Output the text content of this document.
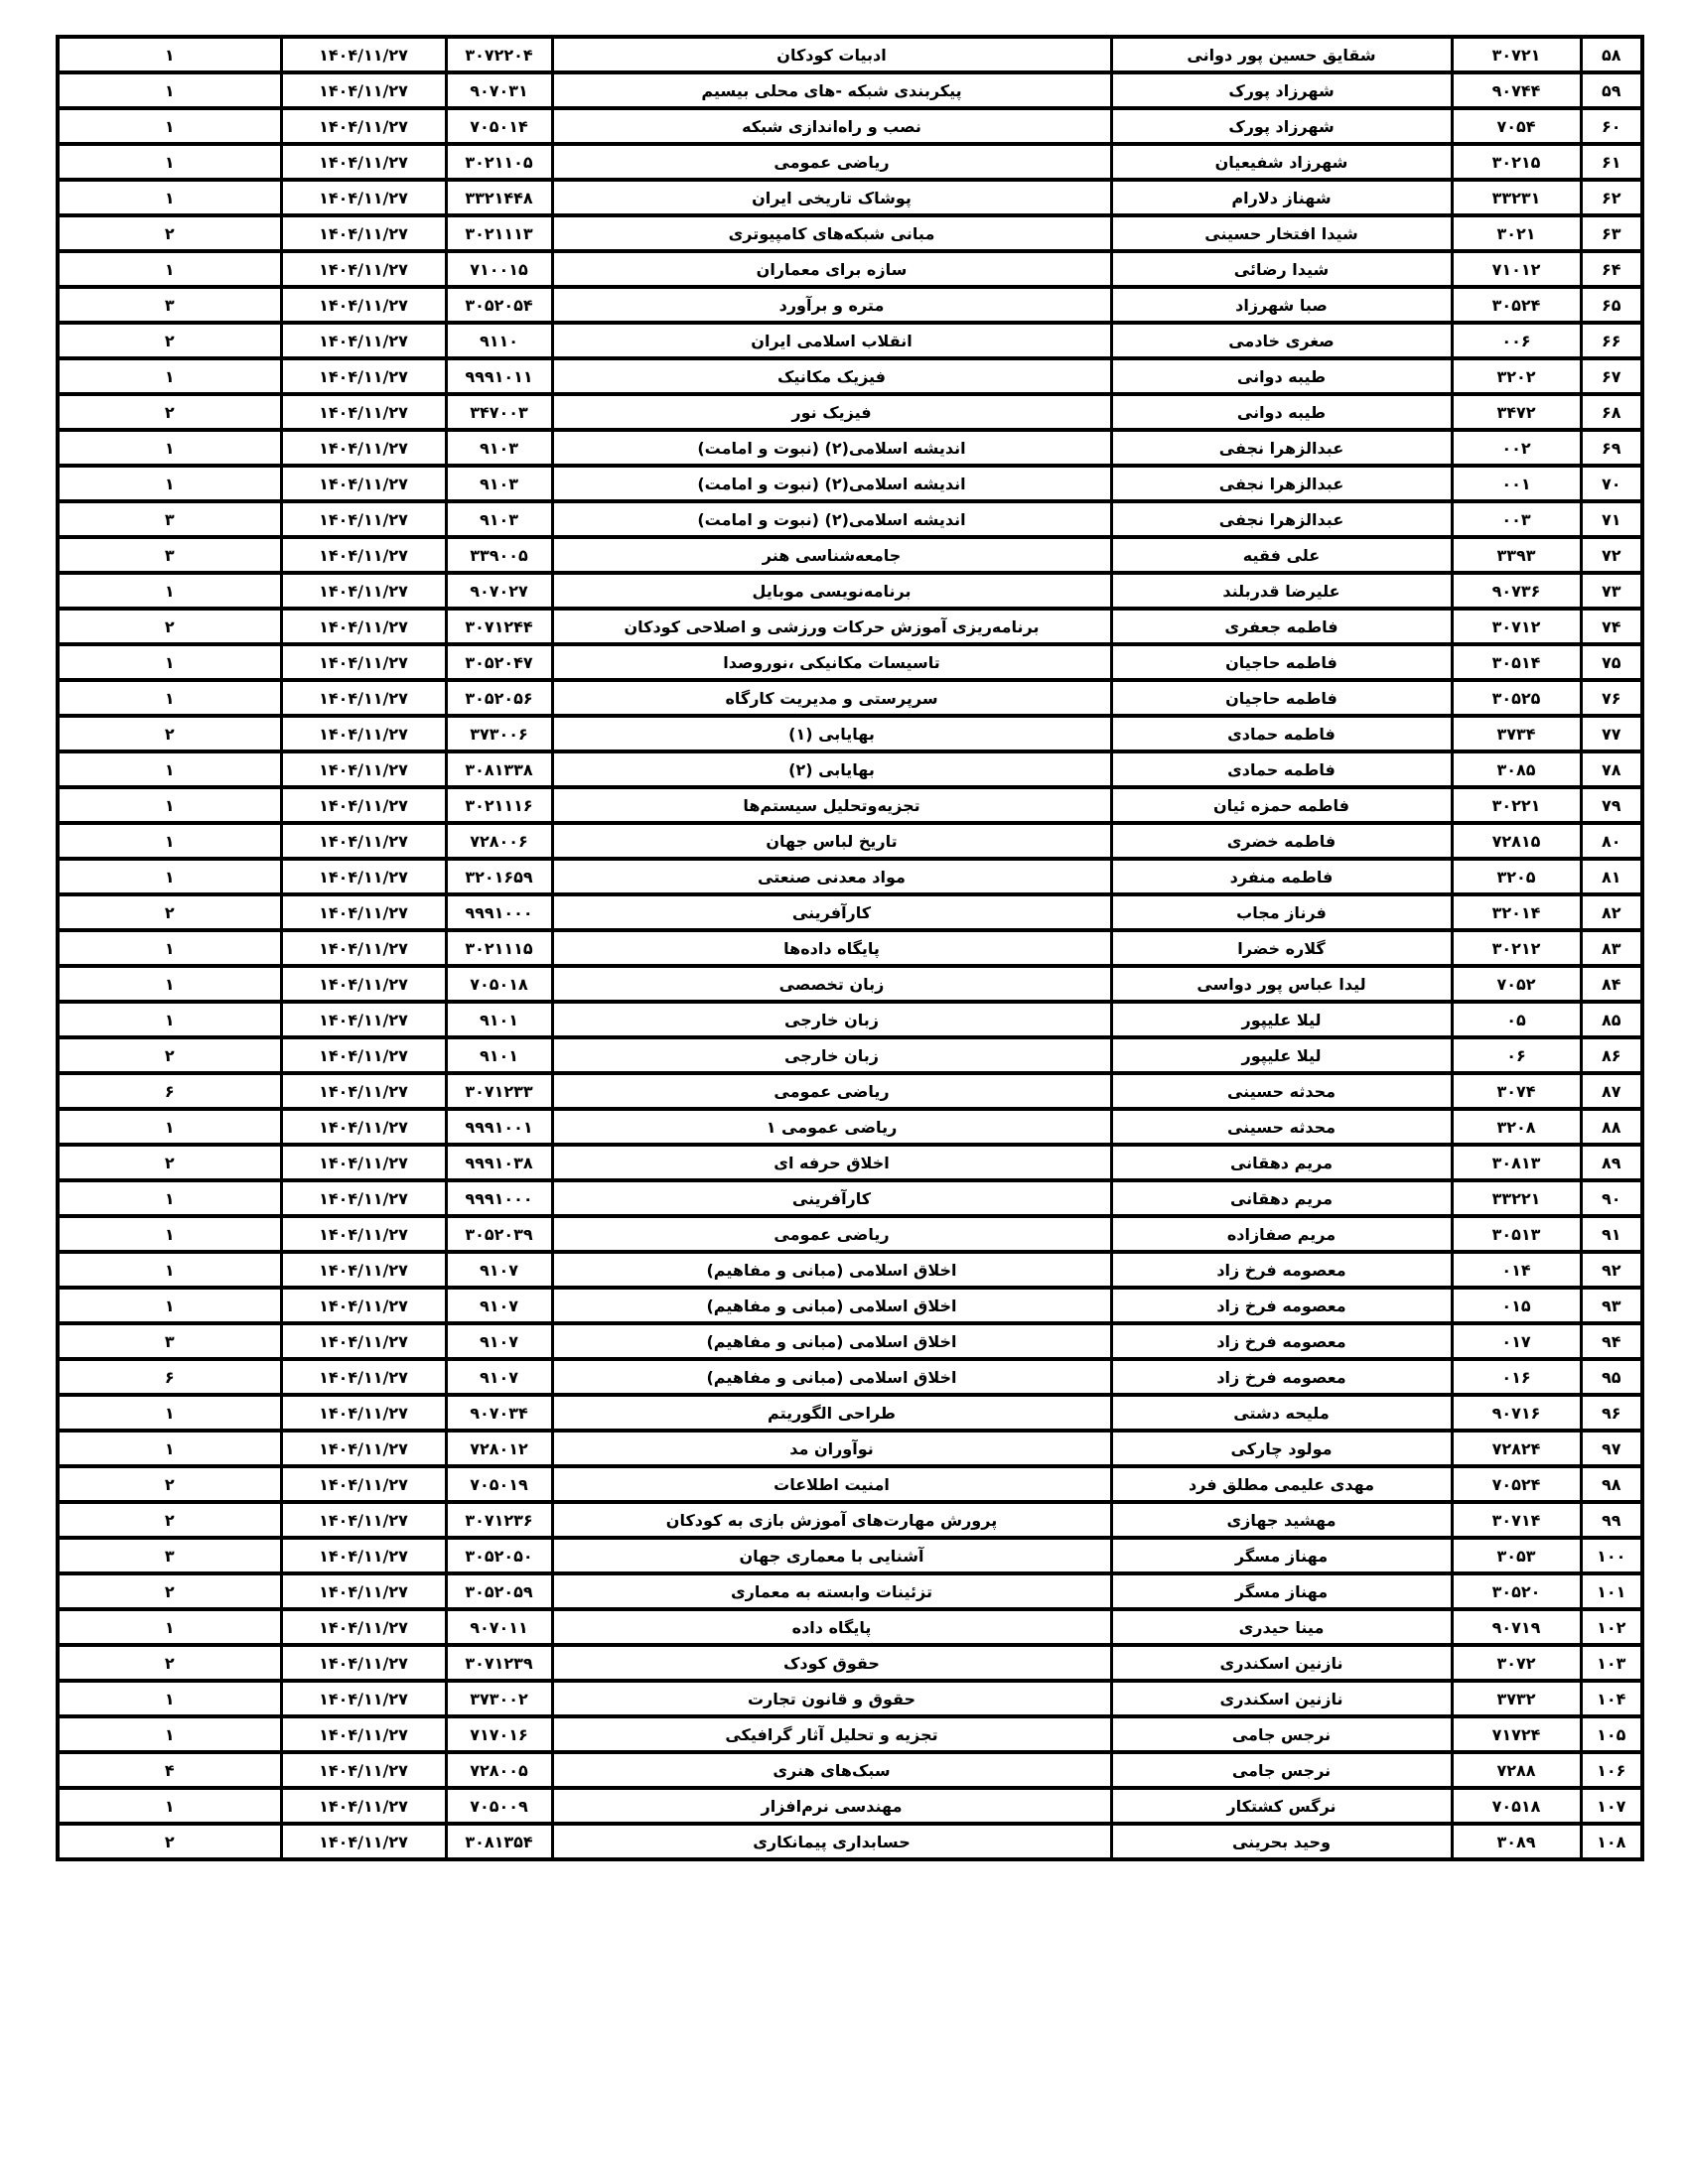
۵۸	۳۰۷۲۱	شقایق حسین پور دوانی	ادبیات کودکان	۳۰۷۲۲۰۴	۱۴۰۴/۱۱/۲۷	۱
۵۹	۹۰۷۴۴	شهرزاد پورک	پیکربندی شبکه -های محلی بیسیم	۹۰۷۰۳۱	۱۴۰۴/۱۱/۲۷	۱
۶۰	۷۰۵۴	شهرزاد پورک	نصب و راه‌اندازی شبکه	۷۰۵۰۱۴	۱۴۰۴/۱۱/۲۷	۱
۶۱	۳۰۲۱۵	شهرزاد شفیعیان	ریاضی عمومی	۳۰۲۱۱۰۵	۱۴۰۴/۱۱/۲۷	۱
۶۲	۳۳۲۳۱	شهناز دلارام	پوشاک تاریخی ایران	۳۳۲۱۴۴۸	۱۴۰۴/۱۱/۲۷	۱
۶۳	۳۰۲۱	شیدا افتخار حسینی	مبانی شبکه‌های کامپیوتری	۳۰۲۱۱۱۳	۱۴۰۴/۱۱/۲۷	۲
۶۴	۷۱۰۱۲	شیدا رضائی	سازه برای معماران	۷۱۰۰۱۵	۱۴۰۴/۱۱/۲۷	۱
۶۵	۳۰۵۲۴	صبا شهرزاد	متره و برآورد	۳۰۵۲۰۵۴	۱۴۰۴/۱۱/۲۷	۳
۶۶	۰۰۶	صغری خادمی	انقلاب اسلامی ایران	۹۱۱۰	۱۴۰۴/۱۱/۲۷	۲
۶۷	۳۲۰۲	طیبه دوانی	فیزیک مکانیک	۹۹۹۱۰۱۱	۱۴۰۴/۱۱/۲۷	۱
۶۸	۳۴۷۲	طیبه دوانی	فیزیک نور	۳۴۷۰۰۳	۱۴۰۴/۱۱/۲۷	۲
۶۹	۰۰۲	عبدالزهرا نجفی	اندیشه اسلامی(۲) (نبوت و امامت)	۹۱۰۳	۱۴۰۴/۱۱/۲۷	۱
۷۰	۰۰۱	عبدالزهرا نجفی	اندیشه اسلامی(۲) (نبوت و امامت)	۹۱۰۳	۱۴۰۴/۱۱/۲۷	۱
۷۱	۰۰۳	عبدالزهرا نجفی	اندیشه اسلامی(۲) (نبوت و امامت)	۹۱۰۳	۱۴۰۴/۱۱/۲۷	۳
۷۲	۳۳۹۳	علی فقیه	جامعه‌شناسی هنر	۳۳۹۰۰۵	۱۴۰۴/۱۱/۲۷	۳
۷۳	۹۰۷۳۶	علیرضا قدربلند	برنامه‌نویسی موبایل	۹۰۷۰۲۷	۱۴۰۴/۱۱/۲۷	۱
۷۴	۳۰۷۱۲	فاطمه جعفری	برنامه‌ریزی آموزش حرکات ورزشی و اصلاحی کودکان	۳۰۷۱۲۴۴	۱۴۰۴/۱۱/۲۷	۲
۷۵	۳۰۵۱۴	فاطمه حاجیان	تاسیسات مکانیکی ،نوروصدا	۳۰۵۲۰۴۷	۱۴۰۴/۱۱/۲۷	۱
۷۶	۳۰۵۲۵	فاطمه حاجیان	سرپرستی و مدیریت کارگاه	۳۰۵۲۰۵۶	۱۴۰۴/۱۱/۲۷	۱
۷۷	۳۷۳۴	فاطمه حمادی	بهایابی (۱)	۳۷۳۰۰۶	۱۴۰۴/۱۱/۲۷	۲
۷۸	۳۰۸۵	فاطمه حمادی	بهایابی (۲)	۳۰۸۱۳۳۸	۱۴۰۴/۱۱/۲۷	۱
۷۹	۳۰۲۲۱	فاطمه حمزه ئیان	تجزیه‌وتحلیل سیستم‌ها	۳۰۲۱۱۱۶	۱۴۰۴/۱۱/۲۷	۱
۸۰	۷۲۸۱۵	فاطمه خضری	تاریخ لباس جهان	۷۲۸۰۰۶	۱۴۰۴/۱۱/۲۷	۱
۸۱	۳۲۰۵	فاطمه منفرد	مواد معدنی صنعتی	۳۲۰۱۶۵۹	۱۴۰۴/۱۱/۲۷	۱
۸۲	۳۲۰۱۴	فرناز مجاب	کارآفرینی	۹۹۹۱۰۰۰	۱۴۰۴/۱۱/۲۷	۲
۸۳	۳۰۲۱۲	گلاره خضرا	پایگاه داده‌ها	۳۰۲۱۱۱۵	۱۴۰۴/۱۱/۲۷	۱
۸۴	۷۰۵۲	لیدا عباس پور دواسی	زبان تخصصی	۷۰۵۰۱۸	۱۴۰۴/۱۱/۲۷	۱
۸۵	۰۵	لیلا علیپور	زبان خارجی	۹۱۰۱	۱۴۰۴/۱۱/۲۷	۱
۸۶	۰۶	لیلا علیپور	زبان خارجی	۹۱۰۱	۱۴۰۴/۱۱/۲۷	۲
۸۷	۳۰۷۴	محدثه حسینی	ریاضی عمومی	۳۰۷۱۲۳۳	۱۴۰۴/۱۱/۲۷	۶
۸۸	۳۲۰۸	محدثه حسینی	ریاضی عمومی ۱	۹۹۹۱۰۰۱	۱۴۰۴/۱۱/۲۷	۱
۸۹	۳۰۸۱۳	مریم دهقانی	اخلاق حرفه ای	۹۹۹۱۰۳۸	۱۴۰۴/۱۱/۲۷	۲
۹۰	۳۳۲۲۱	مریم دهقانی	کارآفرینی	۹۹۹۱۰۰۰	۱۴۰۴/۱۱/۲۷	۱
۹۱	۳۰۵۱۳	مریم صفازاده	ریاضی عمومی	۳۰۵۲۰۳۹	۱۴۰۴/۱۱/۲۷	۱
۹۲	۰۱۴	معصومه فرخ زاد	اخلاق اسلامی (مبانی و مفاهیم)	۹۱۰۷	۱۴۰۴/۱۱/۲۷	۱
۹۳	۰۱۵	معصومه فرخ زاد	اخلاق اسلامی (مبانی و مفاهیم)	۹۱۰۷	۱۴۰۴/۱۱/۲۷	۱
۹۴	۰۱۷	معصومه فرخ زاد	اخلاق اسلامی (مبانی و مفاهیم)	۹۱۰۷	۱۴۰۴/۱۱/۲۷	۳
۹۵	۰۱۶	معصومه فرخ زاد	اخلاق اسلامی (مبانی و مفاهیم)	۹۱۰۷	۱۴۰۴/۱۱/۲۷	۶
۹۶	۹۰۷۱۶	ملیحه دشتی	طراحی الگوریتم	۹۰۷۰۳۴	۱۴۰۴/۱۱/۲۷	۱
۹۷	۷۲۸۲۴	مولود چارکی	نوآوران مد	۷۲۸۰۱۲	۱۴۰۴/۱۱/۲۷	۱
۹۸	۷۰۵۲۴	مهدی علیمی مطلق فرد	امنیت اطلاعات	۷۰۵۰۱۹	۱۴۰۴/۱۱/۲۷	۲
۹۹	۳۰۷۱۴	مهشید جهازی	پرورش مهارت‌های آموزش بازی به کودکان	۳۰۷۱۲۳۶	۱۴۰۴/۱۱/۲۷	۲
۱۰۰	۳۰۵۳	مهناز مسگر	آشنایی با معماری جهان	۳۰۵۲۰۵۰	۱۴۰۴/۱۱/۲۷	۳
۱۰۱	۳۰۵۲۰	مهناز مسگر	تزئینات وابسته به معماری	۳۰۵۲۰۵۹	۱۴۰۴/۱۱/۲۷	۲
۱۰۲	۹۰۷۱۹	مینا حیدری	پایگاه داده	۹۰۷۰۱۱	۱۴۰۴/۱۱/۲۷	۱
۱۰۳	۳۰۷۲	نازنین اسکندری	حقوق کودک	۳۰۷۱۲۳۹	۱۴۰۴/۱۱/۲۷	۲
۱۰۴	۳۷۳۲	نازنین اسکندری	حقوق و قانون تجارت	۳۷۳۰۰۲	۱۴۰۴/۱۱/۲۷	۱
۱۰۵	۷۱۷۲۴	نرجس جامی	تجزیه و تحلیل آثار گرافیکی	۷۱۷۰۱۶	۱۴۰۴/۱۱/۲۷	۱
۱۰۶	۷۲۸۸	نرجس جامی	سبک‌های هنری	۷۲۸۰۰۵	۱۴۰۴/۱۱/۲۷	۴
۱۰۷	۷۰۵۱۸	نرگس کشتکار	مهندسی نرم‌افزار	۷۰۵۰۰۹	۱۴۰۴/۱۱/۲۷	۱
۱۰۸	۳۰۸۹	وحید بحرینی	حسابداری پیمانکاری	۳۰۸۱۳۵۴	۱۴۰۴/۱۱/۲۷	۲
